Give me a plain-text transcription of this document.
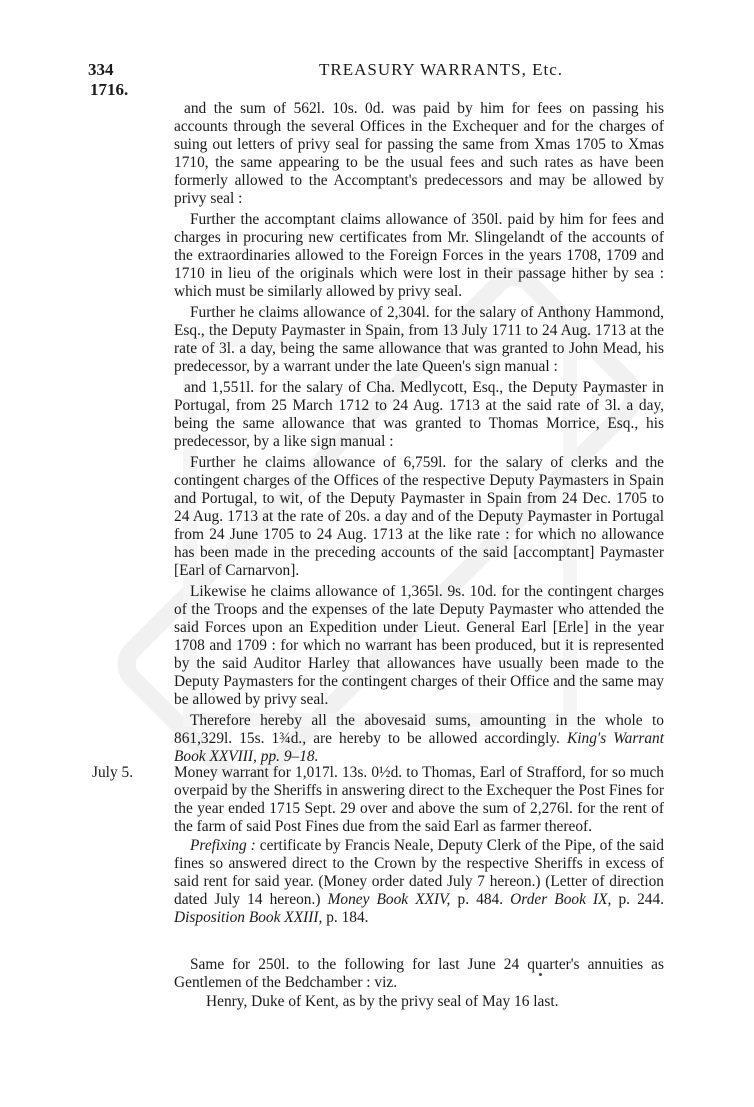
334
1716.
TREASURY WARRANTS, Etc.

and the sum of 562l. 10s. 0d. was paid by him for fees on passing his accounts through the several Offices in the Exchequer and for the charges of suing out letters of privy seal for passing the same from Xmas 1705 to Xmas 1710, the same appearing to be the usual fees and such rates as have been formerly allowed to the Accomptant's predecessors and may be allowed by privy seal :

Further the accomptant claims allowance of 350l. paid by him for fees and charges in procuring new certificates from Mr. Slingelandt of the accounts of the extraordinaries allowed to the Foreign Forces in the years 1708, 1709 and 1710 in lieu of the originals which were lost in their passage hither by sea : which must be similarly allowed by privy seal.

Further he claims allowance of 2,304l. for the salary of Anthony Hammond, Esq., the Deputy Paymaster in Spain, from 13 July 1711 to 24 Aug. 1713 at the rate of 3l. a day, being the same allowance that was granted to John Mead, his predecessor, by a warrant under the late Queen's sign manual :

and 1,551l. for the salary of Cha. Medlycott, Esq., the Deputy Paymaster in Portugal, from 25 March 1712 to 24 Aug. 1713 at the said rate of 3l. a day, being the same allowance that was granted to Thomas Morrice, Esq., his predecessor, by a like sign manual :

Further he claims allowance of 6,759l. for the salary of clerks and the contingent charges of the Offices of the respective Deputy Paymasters in Spain and Portugal, to wit, of the Deputy Paymaster in Spain from 24 Dec. 1705 to 24 Aug. 1713 at the rate of 20s. a day and of the Deputy Paymaster in Portugal from 24 June 1705 to 24 Aug. 1713 at the like rate : for which no allowance has been made in the preceding accounts of the said [accomptant] Paymaster [Earl of Carnarvon].

Likewise he claims allowance of 1,365l. 9s. 10d. for the contingent charges of the Troops and the expenses of the late Deputy Paymaster who attended the said Forces upon an Expedition under Lieut. General Earl [Erle] in the year 1708 and 1709 : for which no warrant has been produced, but it is represented by the said Auditor Harley that allowances have usually been made to the Deputy Paymasters for the contingent charges of their Office and the same may be allowed by privy seal.

Therefore hereby all the abovesaid sums, amounting in the whole to 861,329l. 15s. 1¾d., are hereby to be allowed accordingly. King's Warrant Book XXVIII, pp. 9–18.

July 5.	Money warrant for 1,017l. 13s. 0½d. to Thomas, Earl of Strafford, for so much overpaid by the Sheriffs in answering direct to the Exchequer the Post Fines for the year ended 1715 Sept. 29 over and above the sum of 2,276l. for the rent of the farm of said Post Fines due from the said Earl as farmer thereof.

Prefixing : certificate by Francis Neale, Deputy Clerk of the Pipe, of the said fines so answered direct to the Crown by the respective Sheriffs in excess of said rent for said year. (Money order dated July 7 hereon.) (Letter of direction dated July 14 hereon.) Money Book XXIV, p. 484. Order Book IX, p. 244. Disposition Book XXIII, p. 184.

Same for 250l. to the following for last June 24 quarter's annuities as Gentlemen of the Bedchamber : viz.

Henry, Duke of Kent, as by the privy seal of May 16 last.
